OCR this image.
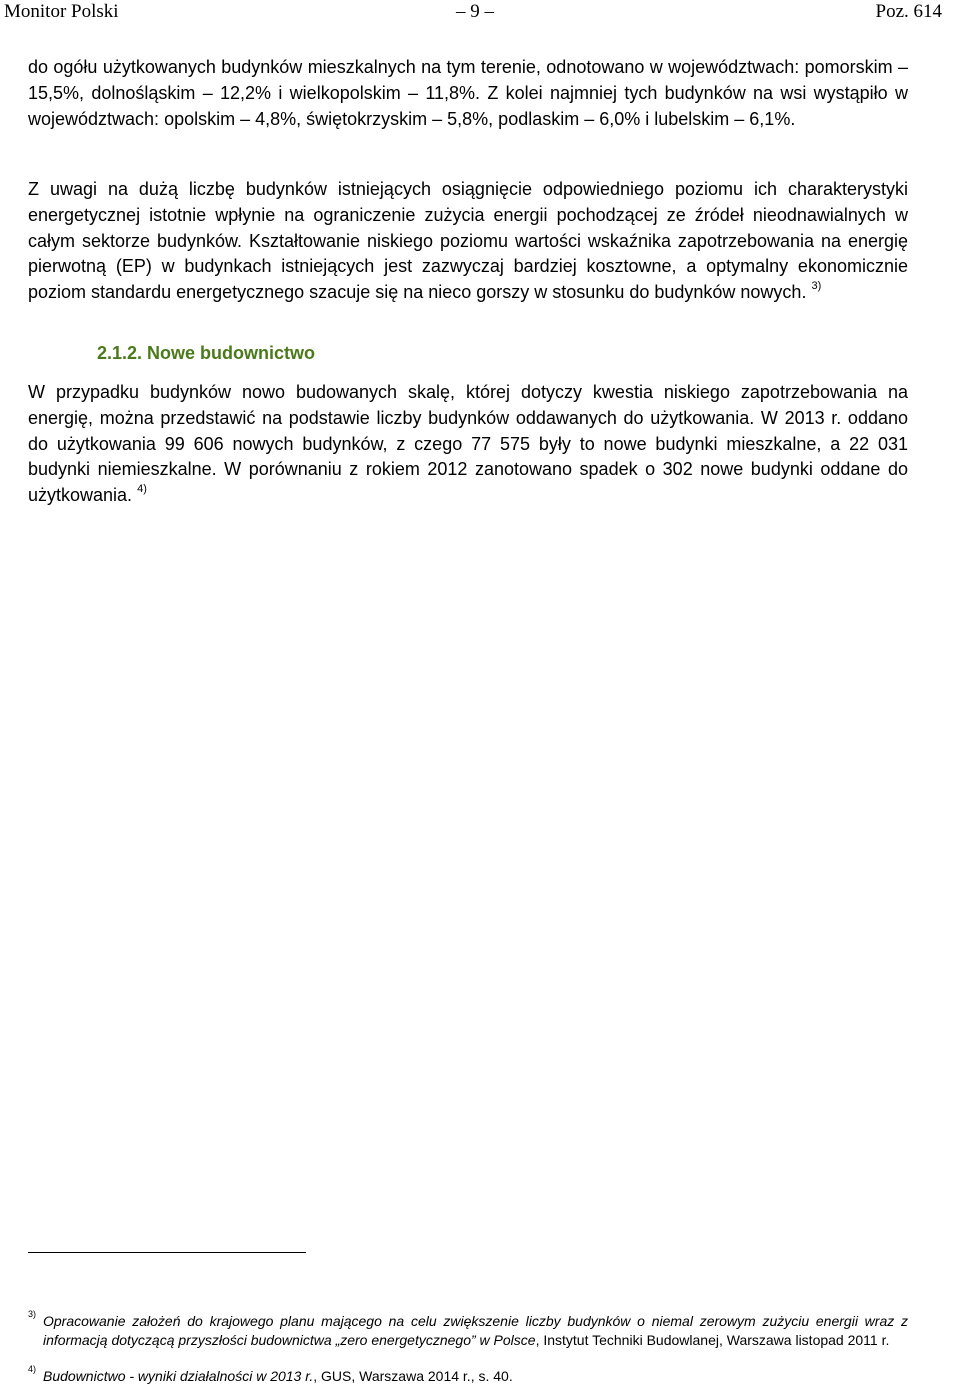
Monitor Polski	– 9 –	Poz. 614

do ogółu użytkowanych budynków mieszkalnych na tym terenie, odnotowano w województwach: pomorskim – 15,5%, dolnośląskim – 12,2% i wielkopolskim – 11,8%. Z kolei najmniej tych budynków na wsi wystąpiło w województwach: opolskim – 4,8%, świętokrzyskim – 5,8%, podlaskim – 6,0% i lubelskim – 6,1%.

Z uwagi na dużą liczbę budynków istniejących osiągnięcie odpowiedniego poziomu ich charakterystyki energetycznej istotnie wpłynie na ograniczenie zużycia energii pochodzącej ze źródeł nieodnawialnych w całym sektorze budynków. Kształtowanie niskiego poziomu wartości wskaźnika zapotrzebowania na energię pierwotną (EP) w budynkach istniejących jest zazwyczaj bardziej kosztowne, a optymalny ekonomicznie poziom standardu energetycznego szacuje się na nieco gorszy w stosunku do budynków nowych. $^{3)}$

2.1.2. Nowe budownictwo

W przypadku budynków nowo budowanych skalę, której dotyczy kwestia niskiego zapotrzebowania na energię, można przedstawić na podstawie liczby budynków oddawanych do użytkowania. W 2013 r. oddano do użytkowania 99 606 nowych budynków, z czego 77 575 były to nowe budynki mieszkalne, a 22 031 budynki niemieszkalne. W porównaniu z rokiem 2012 zanotowano spadek o 302 nowe budynki oddane do użytkowania. $^{4)}$

3) Opracowanie założeń do krajowego planu mającego na celu zwiększenie liczby budynków o niemal zerowym zużyciu energii wraz z informacją dotyczącą przyszłości budownictwa „zero energetycznego” w Polsce, Instytut Techniki Budowlanej, Warszawa listopad 2011 r.
4) Budownictwo - wyniki działalności w 2013 r., GUS, Warszawa 2014 r., s. 40.
